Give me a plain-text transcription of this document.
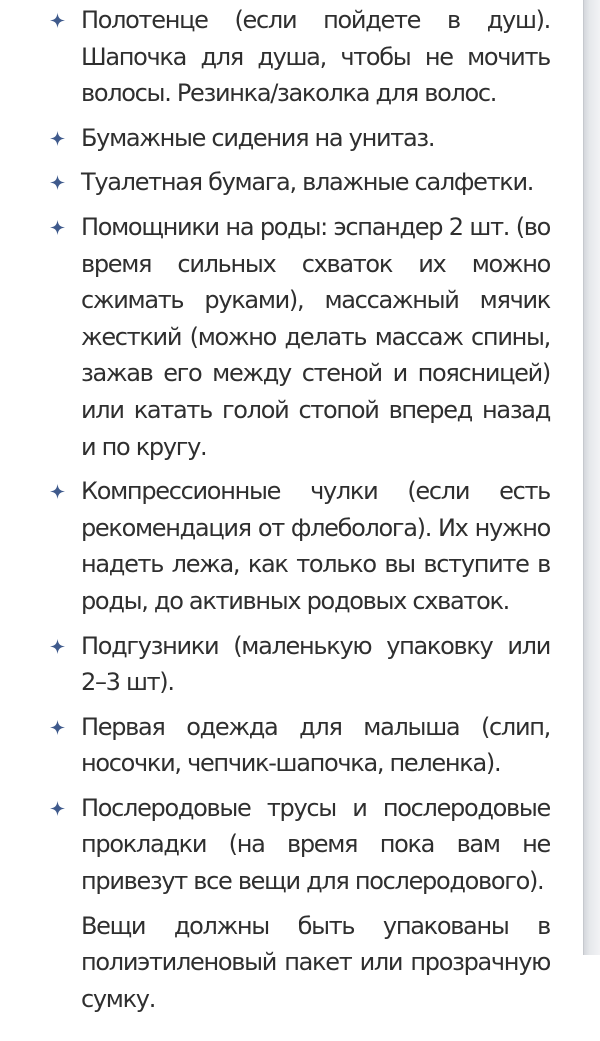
Полотенце (если пойдете в душ). Шапочка для душа, чтобы не мочить волосы. Резинка/заколка для волос.
Бумажные сидения на унитаз.
Туалетная бумага, влажные салфетки.
Помощники на роды: эспандер 2 шт. (во время сильных схваток их можно сжимать руками), массажный мячик жесткий (можно делать массаж спины, зажав его между стеной и поясницей) или катать голой стопой вперед назад и по кругу.
Компрессионные чулки (если есть рекомендация от флеболога). Их нужно надеть лежа, как только вы вступите в роды, до активных родовых схваток.
Подгузники (маленькую упаковку или 2–3 шт).
Первая одежда для малыша (слип, носочки, чепчик-шапочка, пеленка).
Послеродовые трусы и послеродовые прокладки (на время пока вам не привезут все вещи для послеродового).

Вещи должны быть упакованы в полиэтиленовый пакет или прозрачную сумку.
